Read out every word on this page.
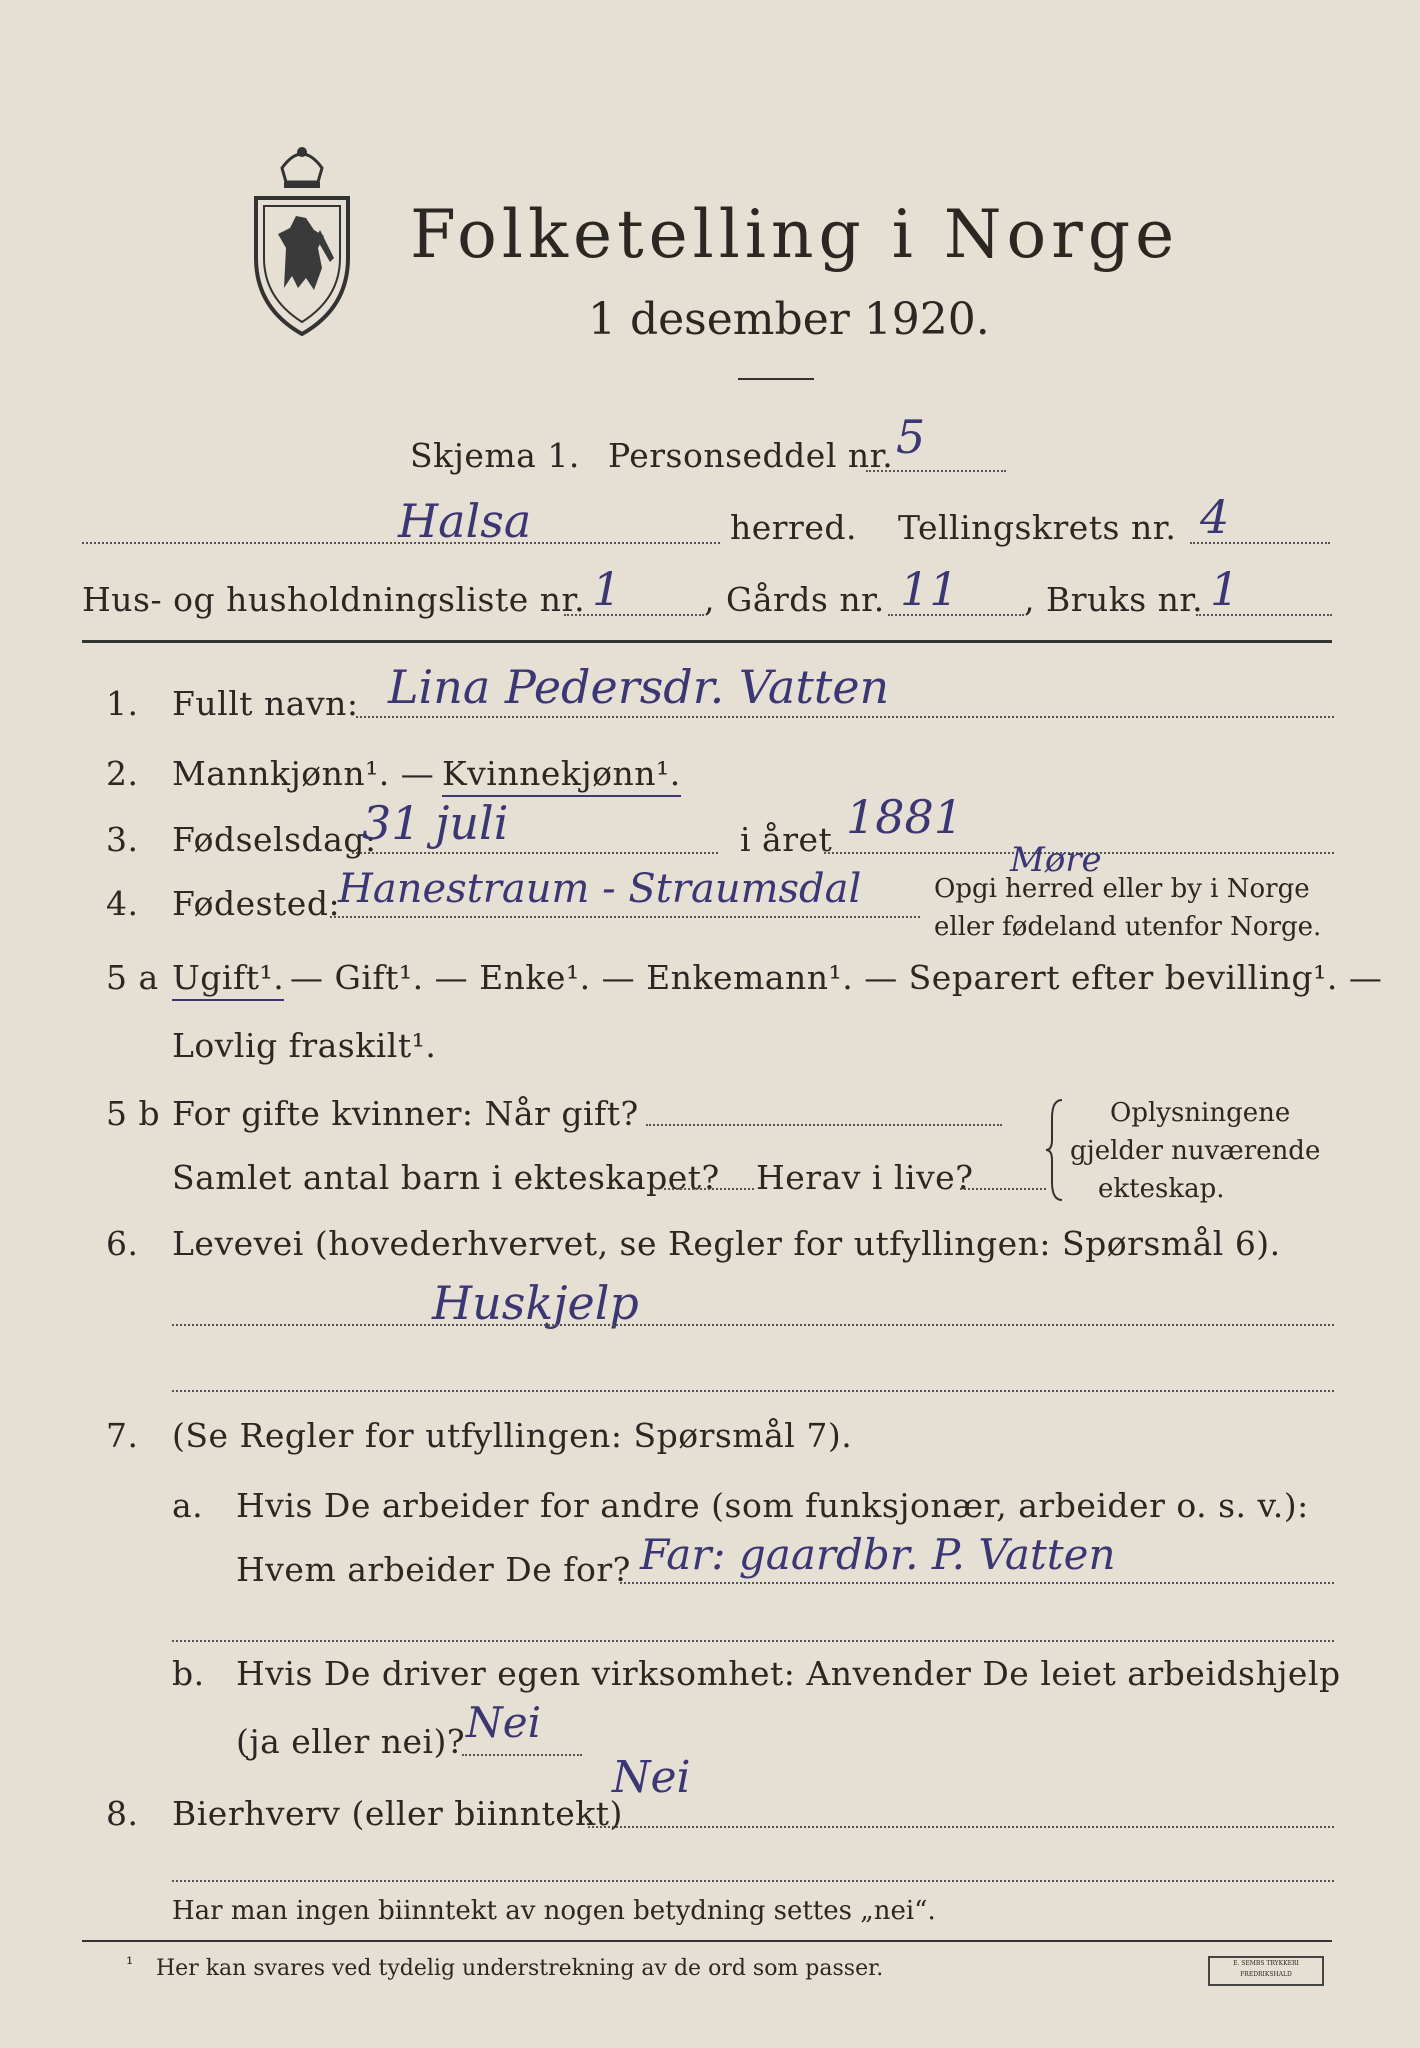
Folketelling i Norge
1 desember 1920.
Skjema 1. Personseddel nr. 5
Halsa	herred. Tellingskrets nr. 4
Hus- og husholdningsliste nr. 1	, Gårds nr. 11 , Bruks nr. 1
1. Fullt navn: Lina Pedersdr. Vatten
2. Mannkjønn¹. — Kvinnekjønn¹.
3. Fødselsdag:
31 juli	i året 1881
4. Fødested:
Hanestraum - Straumsdal
Møre
Opgi herred eller by i Norge
eller fødeland utenfor Norge.
5 a Ugift¹. — Gift¹. — Enke¹. — Enkemann¹. — Separert efter bevilling¹. —
Lovlig fraskilt¹.
5 b For gifte kvinner: Når gift?
Samlet antal barn i ekteskapet? Herav i live?
Oplysningene
gjelder nuværende
ekteskap.
6. Levevei (hovederhvervet, se Regler for utfyllingen: Spørsmål 6).
Huskjelp
7. (Se Regler for utfyllingen: Spørsmål 7).
a. Hvis De arbeider for andre (som funksjonær, arbeider o. s. v.):
Hvem arbeider De for? Far: gaardbr. P. Vatten
b. Hvis De driver egen virksomhet: Anvender De leiet arbeidshjelp
(ja eller nei)? Nei
8. Bierhverv (eller biinntekt)
Nei
Har man ingen biinntekt av nogen betydning settes „nei“.
¹ Her kan svares ved tydelig understrekning av de ord som passer.	E. SEMBS TRYKKERI FREDRIKSHALD
